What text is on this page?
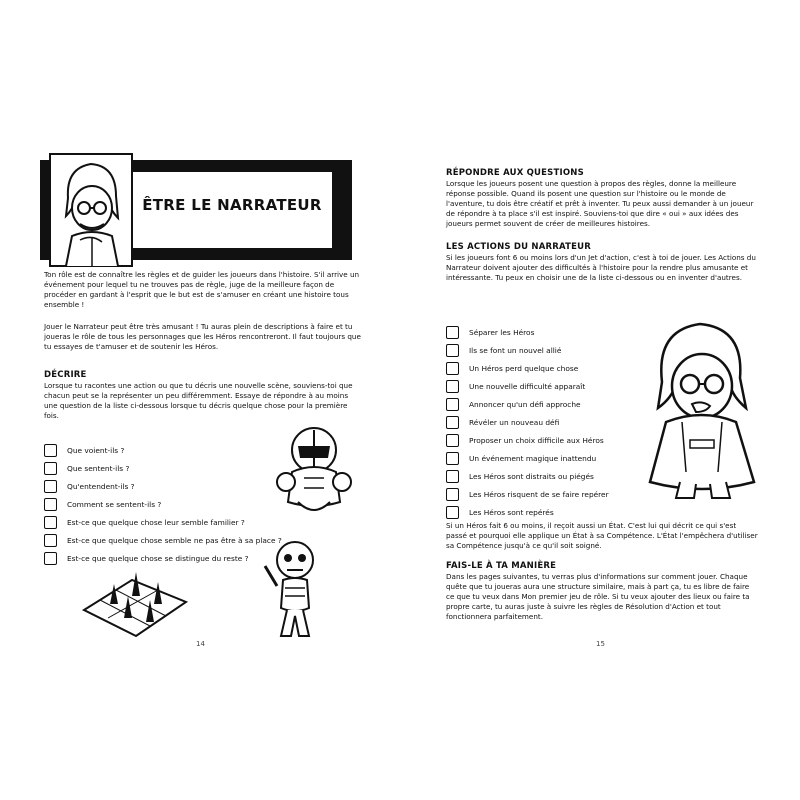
ÊTRE LE NARRATEUR
Ton rôle est de connaître les règles et de guider les joueurs dans l'histoire. S'il arrive un événement pour lequel tu ne trouves pas de règle, juge de la meilleure façon de procéder en gardant à l'esprit que le but est de s'amuser en créant une histoire tous ensemble !
Jouer le Narrateur peut être très amusant ! Tu auras plein de descriptions à faire et tu joueras le rôle de tous les personnages que les Héros rencontreront. Il faut toujours que tu essayes de t'amuser et de soutenir les Héros.
DÉCRIRE
Lorsque tu racontes une action ou que tu décris une nouvelle scène, souviens-toi que chacun peut se la représenter un peu différemment. Essaye de répondre à au moins une question de la liste ci-dessous lorsque tu décris quelque chose pour la première fois.
Que voient-ils ?
Que sentent-ils ?
Qu'entendent-ils ?
Comment se sentent-ils ?
Est-ce que quelque chose leur semble familier ?
Est-ce que quelque chose semble ne pas être à sa place ?
Est-ce que quelque chose se distingue du reste ?
14
RÉPONDRE AUX QUESTIONS
Lorsque les joueurs posent une question à propos des règles, donne la meilleure réponse possible. Quand ils posent une question sur l'histoire ou le monde de l'aventure, tu dois être créatif et prêt à inventer. Tu peux aussi demander à un joueur de répondre à ta place s'il est inspiré. Souviens-toi que dire « oui » aux idées des joueurs permet souvent de créer de meilleures histoires.
LES ACTIONS DU NARRATEUR
Si les joueurs font 6 ou moins lors d'un Jet d'action, c'est à toi de jouer. Les Actions du Narrateur doivent ajouter des difficultés à l'histoire pour la rendre plus amusante et intéressante. Tu peux en choisir une de la liste ci-dessous ou en inventer d'autres.
Séparer les Héros
Ils se font un nouvel allié
Un Héros perd quelque chose
Une nouvelle difficulté apparaît
Annoncer qu'un défi approche
Révéler un nouveau défi
Proposer un choix difficile aux Héros
Un événement magique inattendu
Les Héros sont distraits ou piégés
Les Héros risquent de se faire repérer
Les Héros sont repérés
Si un Héros fait 6 ou moins, il reçoit aussi un État. C'est lui qui décrit ce qui s'est passé et pourquoi elle applique un État à sa Compétence. L'État l'empêchera d'utiliser sa Compétence jusqu'à ce qu'il soit soigné.
FAIS-LE À TA MANIÈRE
Dans les pages suivantes, tu verras plus d'informations sur comment jouer. Chaque quête que tu joueras aura une structure similaire, mais à part ça, tu es libre de faire ce que tu veux dans Mon premier jeu de rôle. Si tu veux ajouter des lieux ou faire ta propre carte, tu auras juste à suivre les règles de Résolution d'Action et tout fonctionnera parfaitement.
15
